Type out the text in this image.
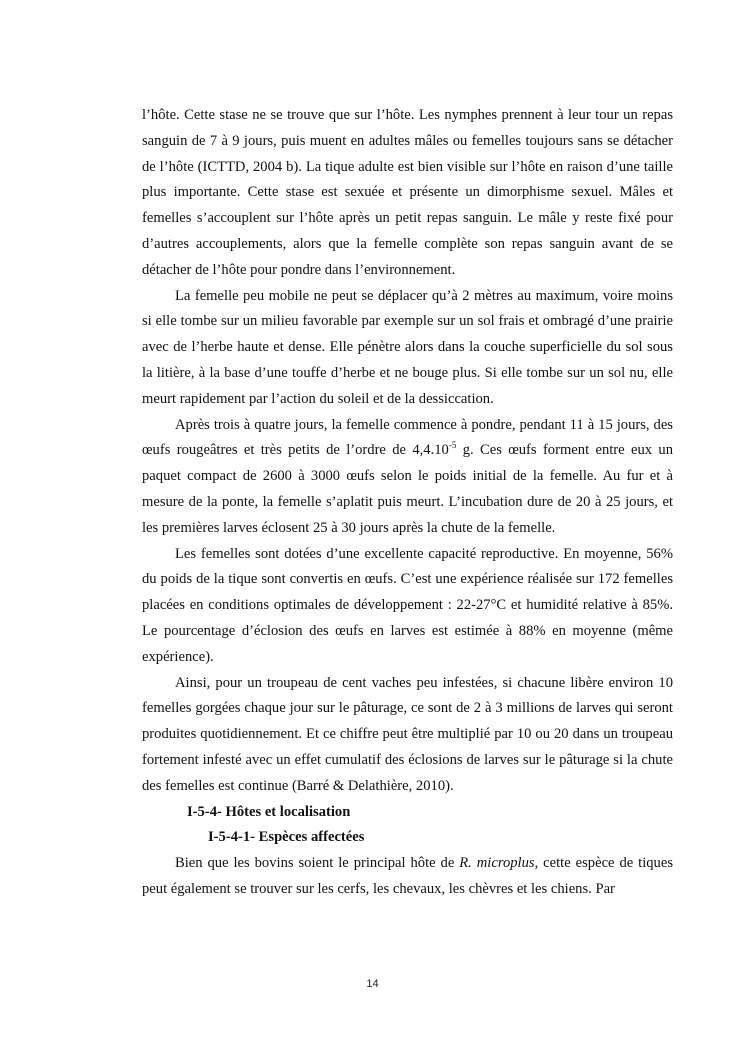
l’hôte. Cette stase ne se trouve que sur l’hôte. Les nymphes prennent à leur tour un repas sanguin de 7 à 9 jours, puis muent en adultes mâles ou femelles toujours sans se détacher de l’hôte (ICTTD, 2004 b). La tique adulte est bien visible sur l’hôte en raison d’une taille plus importante. Cette stase est sexuée et présente un dimorphisme sexuel. Mâles et femelles s’accouplent sur l’hôte après un petit repas sanguin. Le mâle y reste fixé pour d’autres accouplements, alors que la femelle complète son repas sanguin avant de se détacher de l’hôte pour pondre dans l’environnement.

La femelle peu mobile ne peut se déplacer qu’à 2 mètres au maximum, voire moins si elle tombe sur un milieu favorable par exemple sur un sol frais et ombragé d’une prairie avec de l’herbe haute et dense. Elle pénètre alors dans la couche superficielle du sol sous la litière, à la base d’une touffe d’herbe et ne bouge plus. Si elle tombe sur un sol nu, elle meurt rapidement par l’action du soleil et de la dessiccation.

Après trois à quatre jours, la femelle commence à pondre, pendant 11 à 15 jours, des œufs rougeâtres et très petits de l’ordre de $4,4.10^{-5}$ g. Ces œufs forment entre eux un paquet compact de 2600 à 3000 œufs selon le poids initial de la femelle. Au fur et à mesure de la ponte, la femelle s’aplatit puis meurt. L’incubation dure de 20 à 25 jours, et les premières larves éclosent 25 à 30 jours après la chute de la femelle.

Les femelles sont dotées d’une excellente capacité reproductive. En moyenne, 56% du poids de la tique sont convertis en œufs. C’est une expérience réalisée sur 172 femelles placées en conditions optimales de développement : 22-27°C et humidité relative à 85%. Le pourcentage d’éclosion des œufs en larves est estimée à 88% en moyenne (même expérience).

Ainsi, pour un troupeau de cent vaches peu infestées, si chacune libère environ 10 femelles gorgées chaque jour sur le pâturage, ce sont de 2 à 3 millions de larves qui seront produites quotidiennement. Et ce chiffre peut être multiplié par 10 ou 20 dans un troupeau fortement infesté avec un effet cumulatif des éclosions de larves sur le pâturage si la chute des femelles est continue (Barré & Delathière, 2010).

I-5-4- Hôtes et localisation

I-5-4-1- Espèces affectées

Bien que les bovins soient le principal hôte de R. microplus, cette espèce de tiques peut également se trouver sur les cerfs, les chevaux, les chèvres et les chiens. Par

14
